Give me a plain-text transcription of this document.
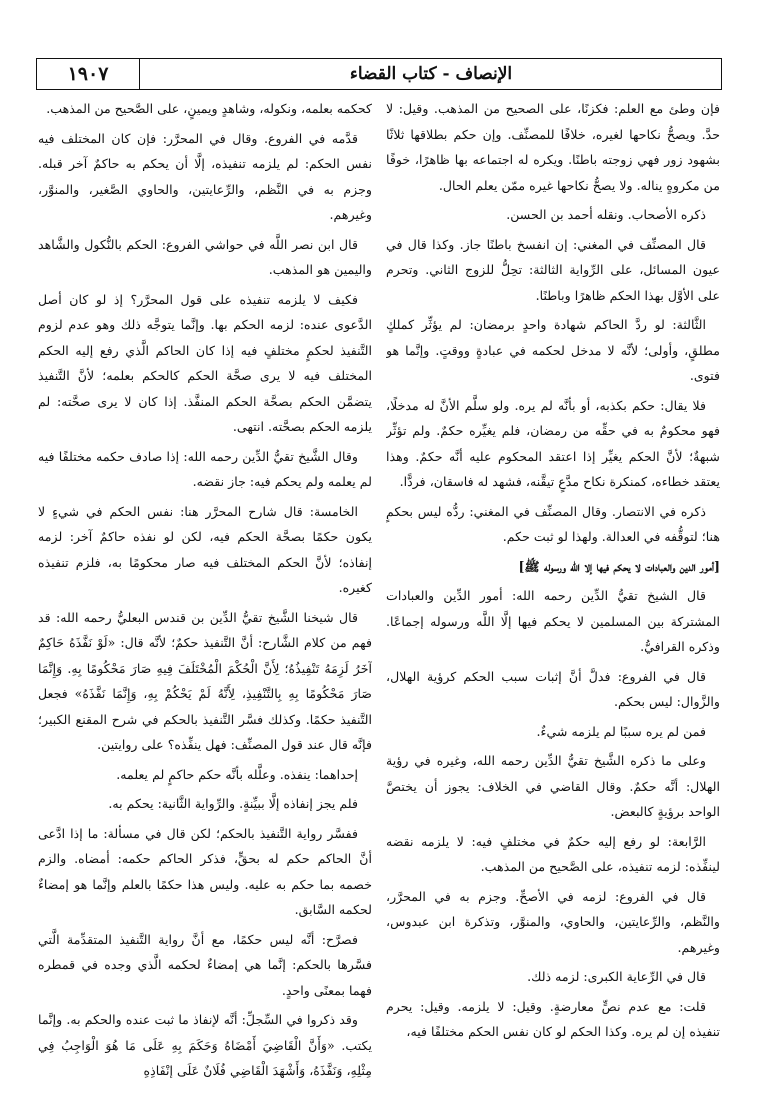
الإنصاف - كتاب القضاء
١٩٠٧

فإن وطئ مع العلم: فكزنًا، على الصحيح من المذهب. وقيل: لا حدَّ. ويصحُّ نكاحها لغيره، خلافًا للمصنِّف. وإن حكم بطلاقها ثلاثًا بشهود زور فهي زوجته باطنًا. ويكره له اجتماعه بها ظاهرًا، خوفًا من مكروهٍ يناله. ولا يصحُّ نكاحها غيره ممّن يعلم الحال.

ذكره الأصحاب. ونقله أحمد بن الحسن.

قال المصنِّف في المغني: إن انفسخ باطنًا جاز. وكذا قال في عيون المسائل، على الرِّواية الثالثة: تحِلُّ للزوج الثاني. وتحرم على الأوَّل بهذا الحكم ظاهرًا وباطنًا.

الثَّالثة: لو ردَّ الحاكم شهادة واحدٍ برمضان: لم يؤثِّر كملكٍ مطلقٍ، وأولى؛ لأنَّه لا مدخل لحكمه في عبادةٍ ووقتٍ. وإنَّما هو فتوى.

فلا يقال: حكم بكذبه، أو بأنَّه لم يره. ولو سلَّم الأنَّ له مدخلًا، فهو محكومٌ به في حقِّه من رمضان، فلم يغيِّره حكمٌ. ولم تؤثِّر شبهةٌ؛ لأنَّ الحكم يغيِّر إذا اعتقد المحكوم عليه أنَّه حكمٌ. وهذا يعتقد خطاءه، كمنكرة نكاح مدَّعٍ تيقَّنه، فشهد له فاسقان، فردًّا.

ذكره في الانتصار. وقال المصنِّف في المغني: ردُّه ليس بحكمٍ هنا؛ لتوقُّفه في العدالة. ولهذا لو ثبت حكم.

[أمور الدين والعبادات لا يحكم فيها إلا الله ورسوله ﷺ]

قال الشيخ تقيُّ الدِّين رحمه الله: أمور الدِّين والعبادات المشتركة بين المسلمين لا يحكم فيها إلَّا اللَّه ورسوله إجماعًا. وذكره القرافيُّ.

قال في الفروع: فدلَّ أنَّ إثبات سبب الحكم كرؤية الهلال، والزَّوال: ليس بحكم.

فمن لم يره سببًا لم يلزمه شيءٌ.

وعلى ما ذكره الشَّيخ تقيُّ الدِّين رحمه الله، وغيره في رؤية الهلال: أنَّه حكمٌ. وقال القاضي في الخلاف: يجوز أن يختصَّ الواحد برؤيةٍ كالبعض.

الرَّابعة: لو رفع إليه حكمٌ في مختلفٍ فيه: لا يلزمه نقضه لينفِّذه: لزمه تنفيذه، على الصَّحيح من المذهب.

قال في الفروع: لزمه في الأصحِّ. وجزم به في المحرَّر، والنَّظم، والرِّعايتين، والحاوي، والمنوَّر، وتذكرة ابن عبدوس، وغيرهم.

قال في الرِّعاية الكبرى: لزمه ذلك.

قلت: مع عدم نصٍّ معارضةٍ. وقيل: لا يلزمه. وقيل: يحرم تنفيذه إن لم يره. وكذا الحكم لو كان نفس الحكم مختلفًا فيه،

كحكمه بعلمه، ونكوله، وشاهدٍ ويمينٍ، على الصَّحيح من المذهب.

قدَّمه في الفروع. وقال في المحرَّر: فإن كان المختلف فيه نفس الحكم: لم يلزمه تنفيذه، إلَّا أن يحكم به حاكمٌ آخر قبله. وجزم به في النَّظم، والرِّعايتين، والحاوي الصَّغير، والمنوَّر، وغيرهم.

قال ابن نصر اللَّه في حواشي الفروع: الحكم بالنُّكول والشَّاهد واليمين هو المذهب.

فكيف لا يلزمه تنفيذه على قول المحرَّر؟ إذ لو كان أصل الدَّعوى عنده: لزمه الحكم بها. وإنَّما يتوجَّه ذلك وهو عدم لزوم التَّنفيذ لحكمٍ مختلفٍ فيه إذا كان الحاكم الَّذي رفع إليه الحكم المختلف فيه لا يرى صحَّة الحكم كالحكم بعلمه؛ لأنَّ التَّنفيذ يتضمَّن الحكم بصحَّة الحكم المنفَّذ. إذا كان لا يرى صحَّته: لم يلزمه الحكم بصحَّته. انتهى.

وقال الشَّيخ تقيُّ الدِّين رحمه الله: إذا صادف حكمه مختلفًا فيه لم يعلمه ولم يحكم فيه: جاز نقضه.

الخامسة: قال شارح المحرَّر هنا: نفس الحكم في شيءٍ لا يكون حكمًا بصحَّة الحكم فيه، لكن لو نفذه حاكمٌ آخر: لزمه إنفاذه؛ لأنَّ الحكم المختلف فيه صار محكومًا به، فلزم تنفيذه كغيره.

قال شيخنا الشَّيخ تقيُّ الدِّين بن قندس البعليُّ رحمه الله: قد فهم من كلام الشَّارح: أنَّ التَّنفيذ حكمٌ؛ لأنَّه قال: «لَوْ نَفَّذَهُ حَاكِمٌ آخَرُ لَزِمَهُ تَنْفِيذُهُ؛ لِأَنَّ الْحُكْمَ الْمُخْتَلَفَ فِيهِ صَارَ مَحْكُومًا بِهِ. وَإِنَّمَا صَارَ مَحْكُومًا بِهِ بِالتَّنْفِيذِ، لِأَنَّهُ لَمْ يَحْكُمْ بِهِ، وَإِنَّمَا نَفَّذَهُ» فجعل التَّنفيذ حكمًا. وكذلك فسَّر التَّنفيذ بالحكم في شرح المقنع الكبير؛ فإنَّه قال عند قول المصنِّف: فهل ينفِّذه؟ على روايتين.

إحداهما: ينفذه. وعلَّله بأنَّه حكم حاكمٍ لم يعلمه.

فلم يجز إنفاذه إلَّا ببيِّنةٍ. والرِّواية الثَّانية: يحكم به.

ففسَّر رواية التَّنفيذ بالحكم؛ لكن قال في مسألة: ما إذا ادَّعى أنَّ الحاكم حكم له بحقٍّ، فذكر الحاكم حكمه: أمضاه. والزم خصمه بما حكم به عليه. وليس هذا حكمًا بالعلم وإنَّما هو إمضاءٌ لحكمه السَّابق.

فصرَّح: أنَّه ليس حكمًا، مع أنَّ رواية التَّنفيذ المتقدِّمة الَّتي فسَّرها بالحكم: إنَّما هي إمضاءٌ لحكمه الَّذي وجده في قمطره فهما بمعنًى واحدٍ.

وقد ذكروا في السِّجلِّ: أنَّه لإنفاذ ما ثبت عنده والحكم به. وإنَّما يكتب. «وَأَنَّ الْقَاضِيَ أَمْضَاهُ وَحَكَمَ بِهِ عَلَى مَا هُوَ الْوَاجِبُ فِي مِثْلِهِ، وَنَفَّذَهُ، وَأَشْهَدَ الْقَاضِي فُلَانٌ عَلَى إنْفَاذِهِ
